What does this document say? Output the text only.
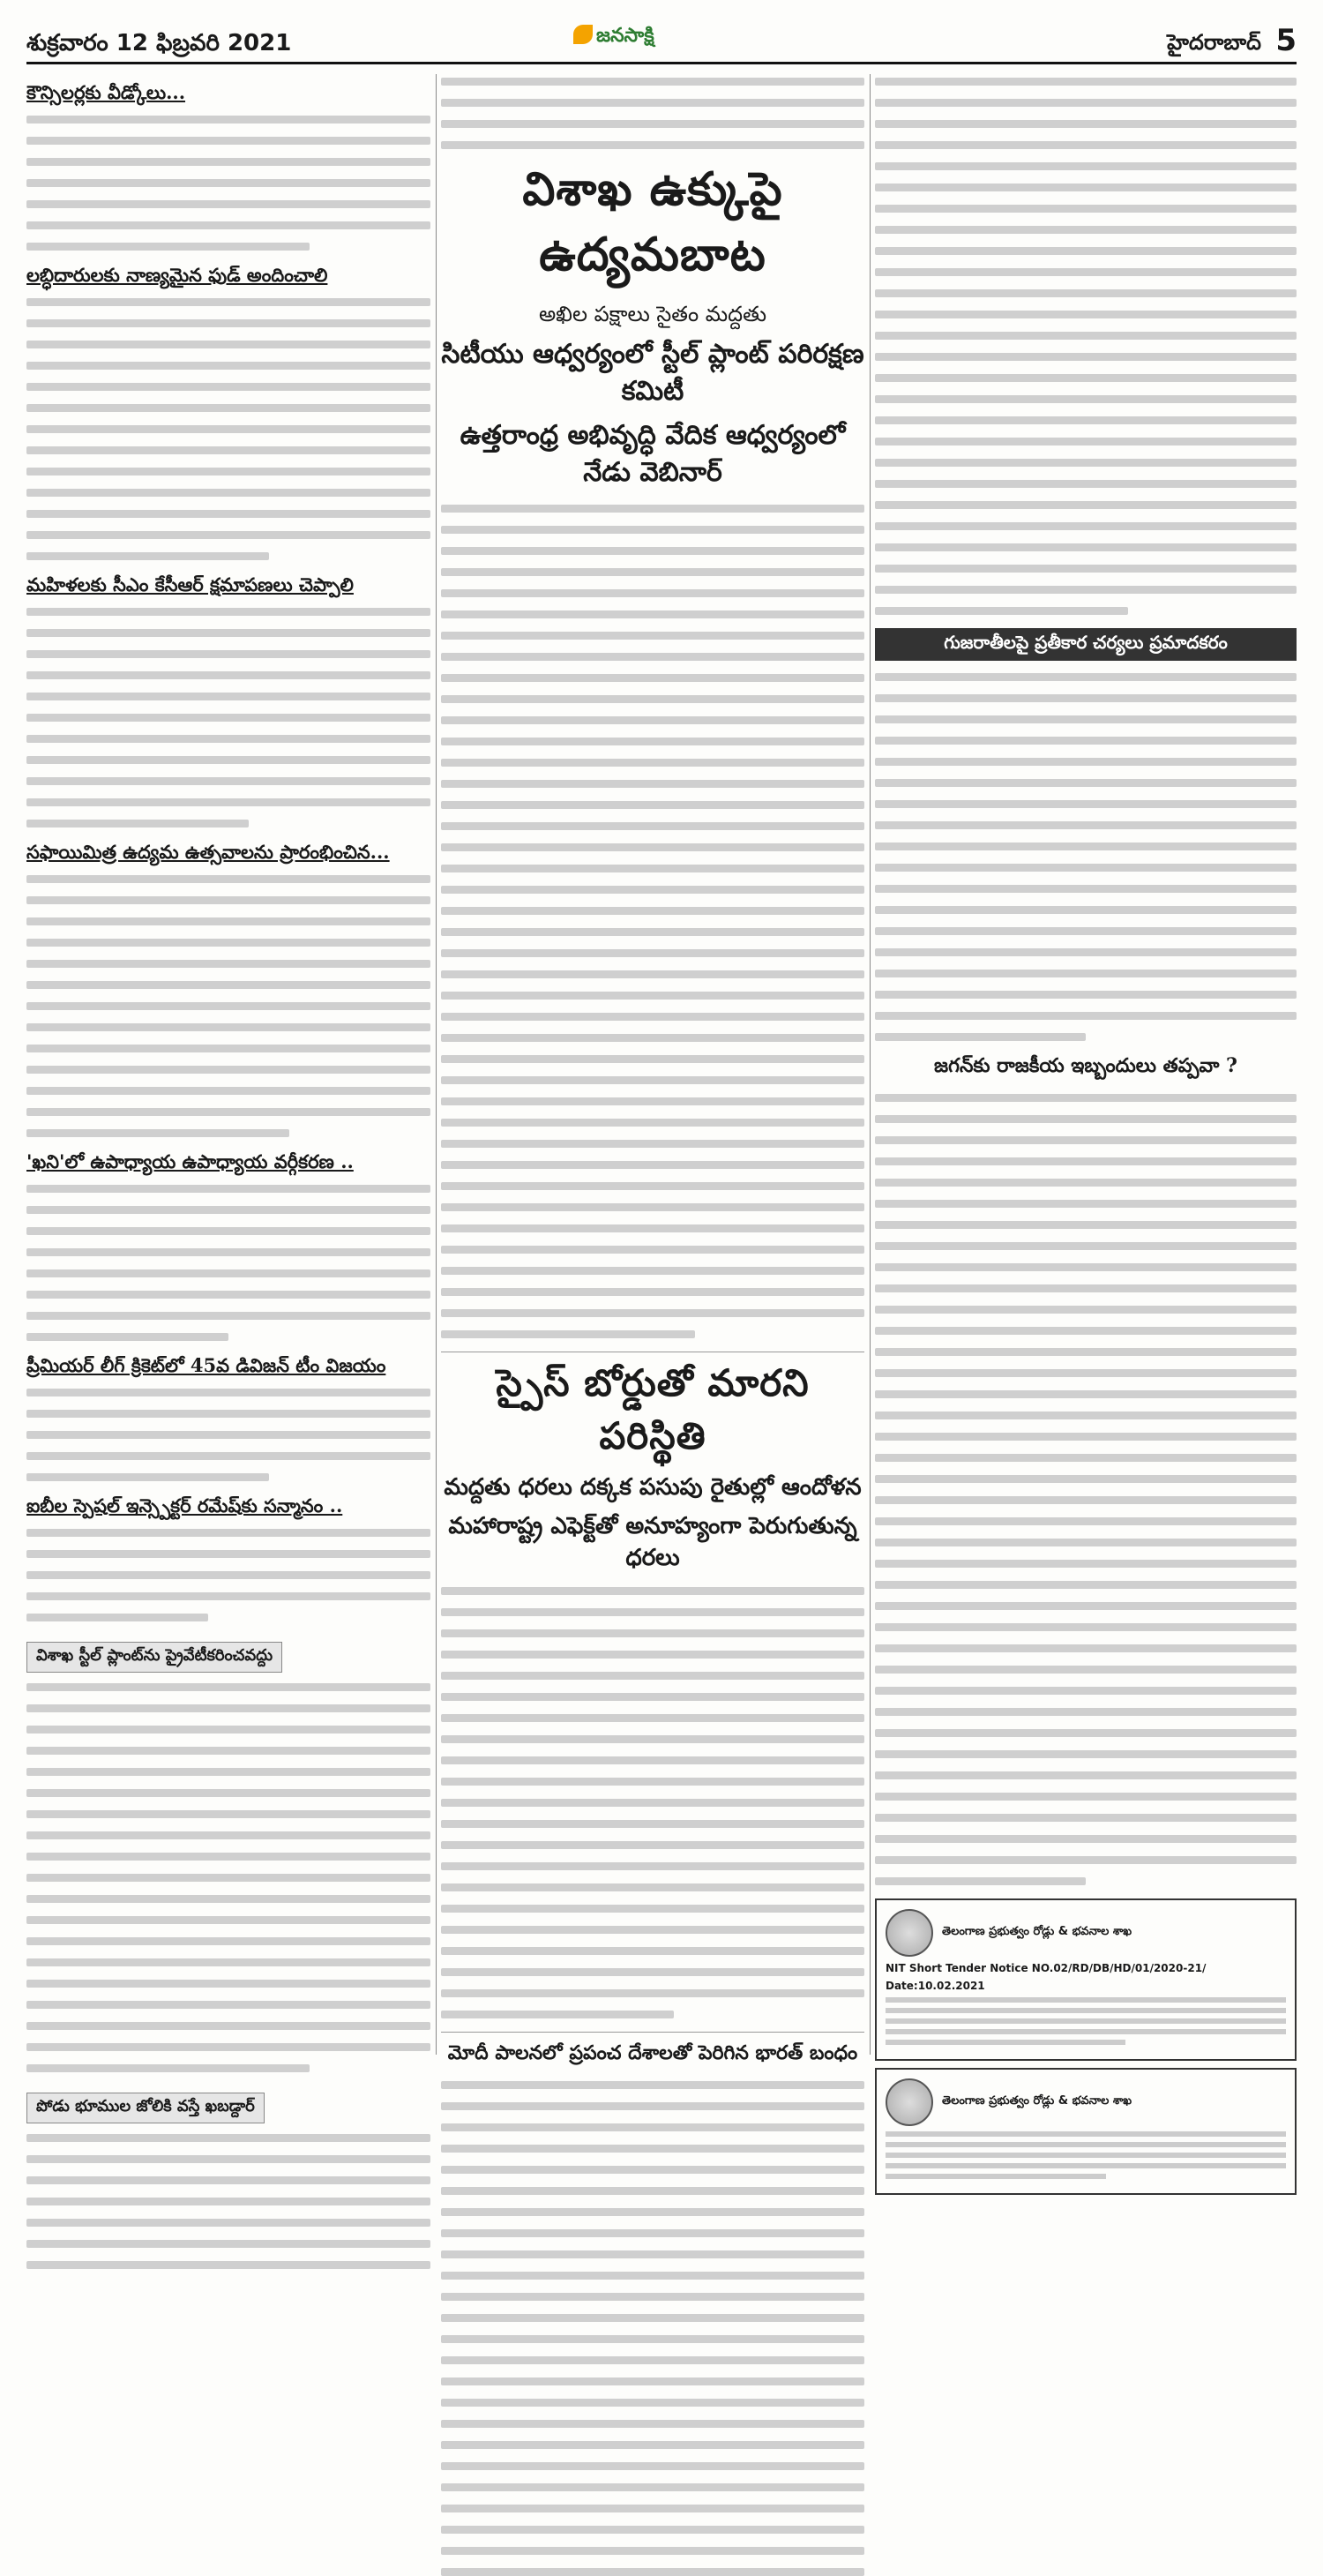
శుక్రవారం 12 ఫిబ్రవరి 2021	జనసాక్షి	హైదరాబాద్ 5
కౌన్సిలర్లకు వీడ్కోలు...
లబ్ధిదారులకు నాణ్యమైన ఫుడ్ అందించాలి
మహిళలకు సీఎం కేసీఆర్ క్షమాపణలు చెప్పాలి
సఫాయిమిత్ర ఉద్యమ ఉత్సవాలను ప్రారంభించిన...
'ఖని'లో ఉపాధ్యాయ ఉపాధ్యాయ వర్గీకరణ ..
ప్రీమియర్ లీగ్ క్రికెట్‌లో 45వ డివిజన్ టీం విజయం
ఐబీల స్పెషల్ ఇన్స్పెక్టర్ రమేష్‌కు సన్మానం ..
విశాఖ స్టీల్ ప్లాంట్‌ను ప్రైవేటీకరించవద్దు
పోడు భూముల జోలికి వస్తే ఖబడ్దార్
విశాఖ ఉక్కుపై ఉద్యమబాట
అఖిల పక్షాలు సైతం మద్దతు
సిటీయు ఆధ్వర్యంలో స్టీల్ ప్లాంట్ పరిరక్షణ కమిటీ
ఉత్తరాంధ్ర అభివృద్ధి వేదిక ఆధ్వర్యంలో నేడు వెబినార్
స్పైస్ బోర్డుతో మారని పరిస్థితి
మద్దతు ధరలు దక్కక పసుపు రైతుల్లో ఆందోళన
మహారాష్ట్ర ఎఫెక్ట్‌తో అనూహ్యంగా పెరుగుతున్న ధరలు
మోదీ పాలనలో ప్రపంచ దేశాలతో పెరిగిన భారత్ బంధం
గుజరాతీలపై ప్రతీకార చర్యలు ప్రమాదకరం
జగన్‌కు రాజకీయ ఇబ్బందులు తప్పవా ?
తెలంగాణ ప్రభుత్వం రోడ్లు & భవనాల శాఖ
NIT Short Tender Notice NO.02/RD/DB/HD/01/2020-21/
Date:10.02.2021
తెలంగాణ ప్రభుత్వం రోడ్లు & భవనాల శాఖ
